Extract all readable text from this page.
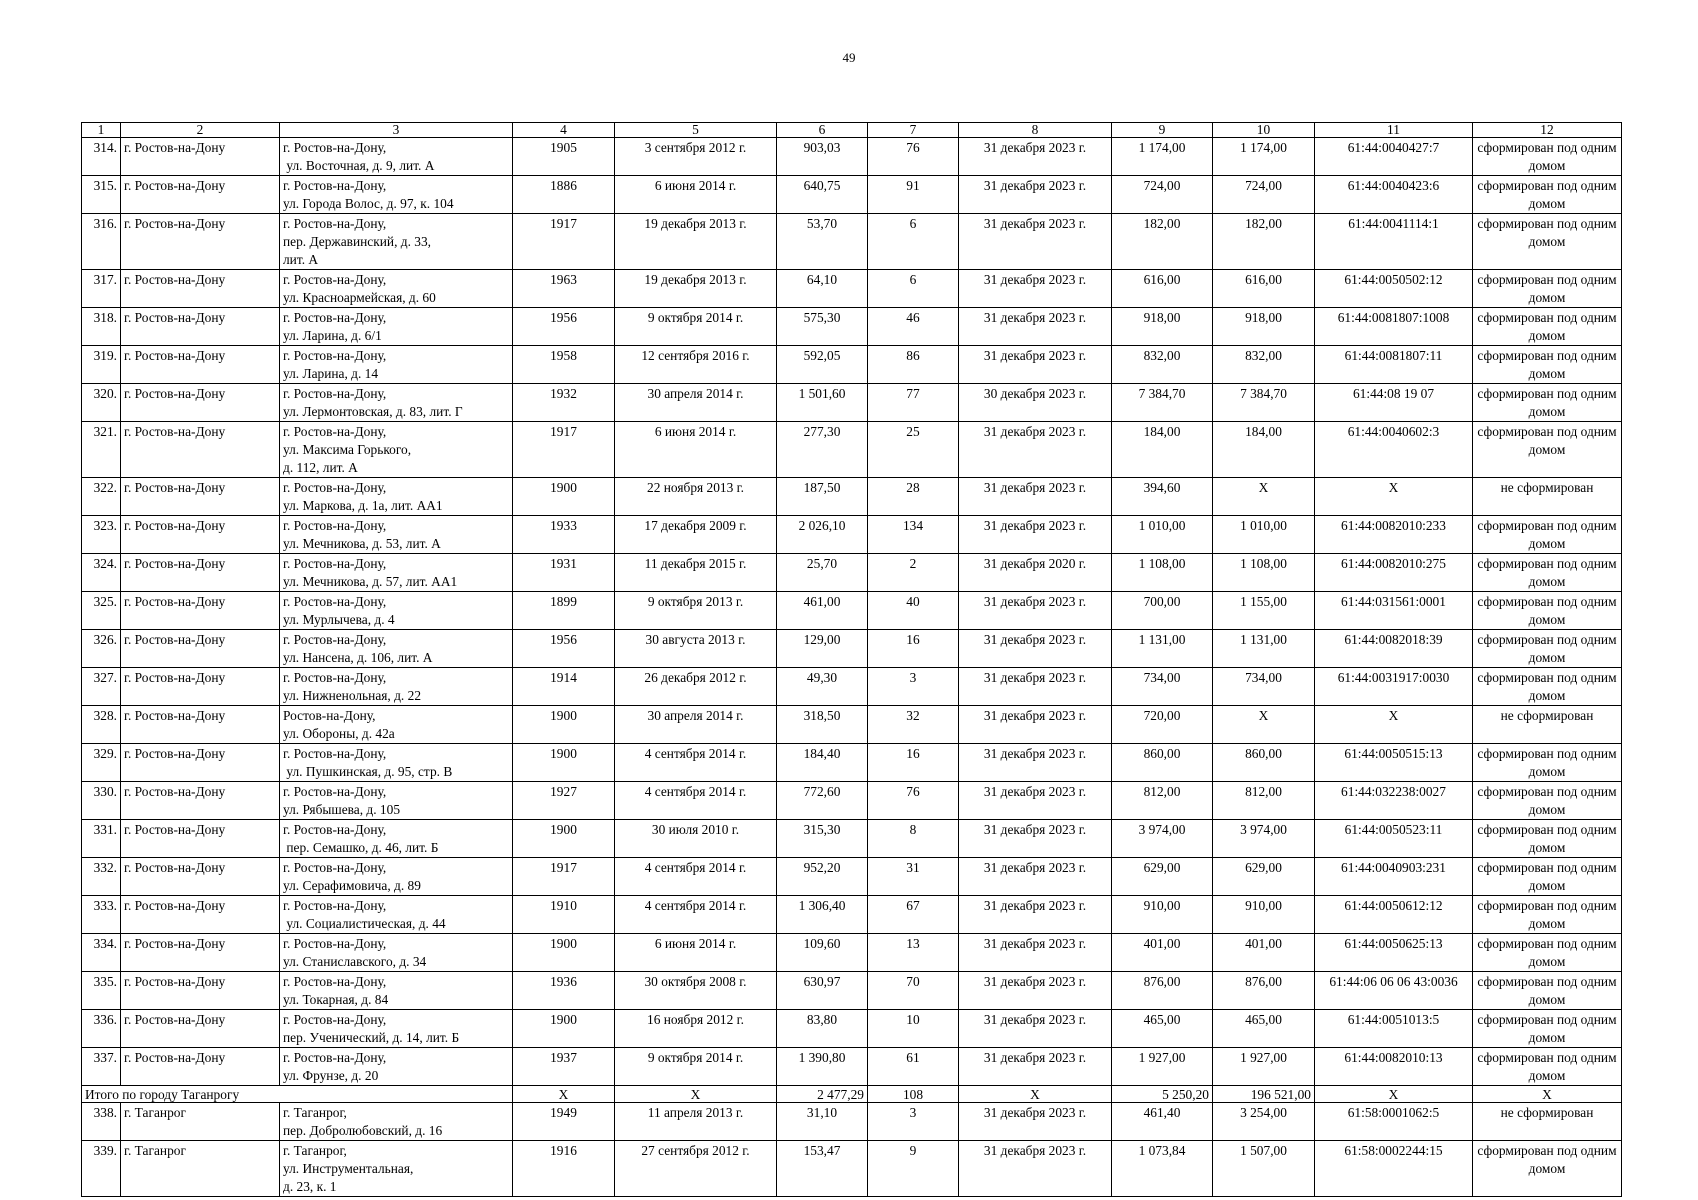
49
1	2	3	4	5	6	7	8	9	10	11	12
314.	г. Ростов-на-Дону	г. Ростов-на-Дону,
ул. Восточная, д. 9, лит. А	1905	3 сентября 2012 г.	903,03	76	31 декабря 2023 г.	1 174,00	1 174,00	61:44:0040427:7	сформирован под одним домом
315.	г. Ростов-на-Дону	г. Ростов-на-Дону,
ул. Города Волос, д. 97, к. 104	1886	6 июня 2014 г.	640,75	91	31 декабря 2023 г.	724,00	724,00	61:44:0040423:6	сформирован под одним домом
316.	г. Ростов-на-Дону	г. Ростов-на-Дону,
пер. Державинский, д. 33,
лит. А	1917	19 декабря 2013 г.	53,70	6	31 декабря 2023 г.	182,00	182,00	61:44:0041114:1	сформирован под одним домом
317.	г. Ростов-на-Дону	г. Ростов-на-Дону,
ул. Красноармейская, д. 60	1963	19 декабря 2013 г.	64,10	6	31 декабря 2023 г.	616,00	616,00	61:44:0050502:12	сформирован под одним домом
318.	г. Ростов-на-Дону	г. Ростов-на-Дону,
ул. Ларина, д. 6/1	1956	9 октября 2014 г.	575,30	46	31 декабря 2023 г.	918,00	918,00	61:44:0081807:1008	сформирован под одним домом
319.	г. Ростов-на-Дону	г. Ростов-на-Дону,
ул. Ларина, д. 14	1958	12 сентября 2016 г.	592,05	86	31 декабря 2023 г.	832,00	832,00	61:44:0081807:11	сформирован под одним домом
320.	г. Ростов-на-Дону	г. Ростов-на-Дону,
ул. Лермонтовская, д. 83, лит. Г	1932	30 апреля 2014 г.	1 501,60	77	30 декабря 2023 г.	7 384,70	7 384,70	61:44:08 19 07	сформирован под одним домом
321.	г. Ростов-на-Дону	г. Ростов-на-Дону,
ул. Максима Горького,
д. 112, лит. А	1917	6 июня 2014 г.	277,30	25	31 декабря 2023 г.	184,00	184,00	61:44:0040602:3	сформирован под одним домом
322.	г. Ростов-на-Дону	г. Ростов-на-Дону,
ул. Маркова, д. 1а, лит. АА1	1900	22 ноября 2013 г.	187,50	28	31 декабря 2023 г.	394,60	Х	Х	не сформирован
323.	г. Ростов-на-Дону	г. Ростов-на-Дону,
ул. Мечникова, д. 53, лит. А	1933	17 декабря 2009 г.	2 026,10	134	31 декабря 2023 г.	1 010,00	1 010,00	61:44:0082010:233	сформирован под одним домом
324.	г. Ростов-на-Дону	г. Ростов-на-Дону,
ул. Мечникова, д. 57, лит. АА1	1931	11 декабря 2015 г.	25,70	2	31 декабря 2020 г.	1 108,00	1 108,00	61:44:0082010:275	сформирован под одним домом
325.	г. Ростов-на-Дону	г. Ростов-на-Дону,
ул. Мурлычева, д. 4	1899	9 октября 2013 г.	461,00	40	31 декабря 2023 г.	700,00	1 155,00	61:44:031561:0001	сформирован под одним домом
326.	г. Ростов-на-Дону	г. Ростов-на-Дону,
ул. Нансена, д. 106, лит. А	1956	30 августа 2013 г.	129,00	16	31 декабря 2023 г.	1 131,00	1 131,00	61:44:0082018:39	сформирован под одним домом
327.	г. Ростов-на-Дону	г. Ростов-на-Дону,
ул. Нижненольная, д. 22	1914	26 декабря 2012 г.	49,30	3	31 декабря 2023 г.	734,00	734,00	61:44:0031917:0030	сформирован под одним домом
328.	г. Ростов-на-Дону	Ростов-на-Дону,
ул. Обороны, д. 42а	1900	30 апреля 2014 г.	318,50	32	31 декабря 2023 г.	720,00	Х	Х	не сформирован
329.	г. Ростов-на-Дону	г. Ростов-на-Дону,
ул. Пушкинская, д. 95, стр. В	1900	4 сентября 2014 г.	184,40	16	31 декабря 2023 г.	860,00	860,00	61:44:0050515:13	сформирован под одним домом
330.	г. Ростов-на-Дону	г. Ростов-на-Дону,
ул. Рябышева, д. 105	1927	4 сентября 2014 г.	772,60	76	31 декабря 2023 г.	812,00	812,00	61:44:032238:0027	сформирован под одним домом
331.	г. Ростов-на-Дону	г. Ростов-на-Дону,
пер. Семашко, д. 46, лит. Б	1900	30 июля 2010 г.	315,30	8	31 декабря 2023 г.	3 974,00	3 974,00	61:44:0050523:11	сформирован под одним домом
332.	г. Ростов-на-Дону	г. Ростов-на-Дону,
ул. Серафимовича, д. 89	1917	4 сентября 2014 г.	952,20	31	31 декабря 2023 г.	629,00	629,00	61:44:0040903:231	сформирован под одним домом
333.	г. Ростов-на-Дону	г. Ростов-на-Дону,
ул. Социалистическая, д. 44	1910	4 сентября 2014 г.	1 306,40	67	31 декабря 2023 г.	910,00	910,00	61:44:0050612:12	сформирован под одним домом
334.	г. Ростов-на-Дону	г. Ростов-на-Дону,
ул. Станиславского, д. 34	1900	6 июня 2014 г.	109,60	13	31 декабря 2023 г.	401,00	401,00	61:44:0050625:13	сформирован под одним домом
335.	г. Ростов-на-Дону	г. Ростов-на-Дону,
ул. Токарная, д. 84	1936	30 октября 2008 г.	630,97	70	31 декабря 2023 г.	876,00	876,00	61:44:06 06 06 43:0036	сформирован под одним домом
336.	г. Ростов-на-Дону	г. Ростов-на-Дону,
пер. Ученический, д. 14, лит. Б	1900	16 ноября 2012 г.	83,80	10	31 декабря 2023 г.	465,00	465,00	61:44:0051013:5	сформирован под одним домом
337.	г. Ростов-на-Дону	г. Ростов-на-Дону,
ул. Фрунзе, д. 20	1937	9 октября 2014 г.	1 390,80	61	31 декабря 2023 г.	1 927,00	1 927,00	61:44:0082010:13	сформирован под одним домом
Итого по городу Таганрогу			Х	Х	2 477,29	108	Х	5 250,20	196 521,00	Х	Х
338.	г. Таганрог	г. Таганрог,
пер. Добролюбовский, д. 16	1949	11 апреля 2013 г.	31,10	3	31 декабря 2023 г.	461,40	3 254,00	61:58:0001062:5	не сформирован
339.	г. Таганрог	г. Таганрог,
ул. Инструментальная,
д. 23, к. 1	1916	27 сентября 2012 г.	153,47	9	31 декабря 2023 г.	1 073,84	1 507,00	61:58:0002244:15	сформирован под одним домом
